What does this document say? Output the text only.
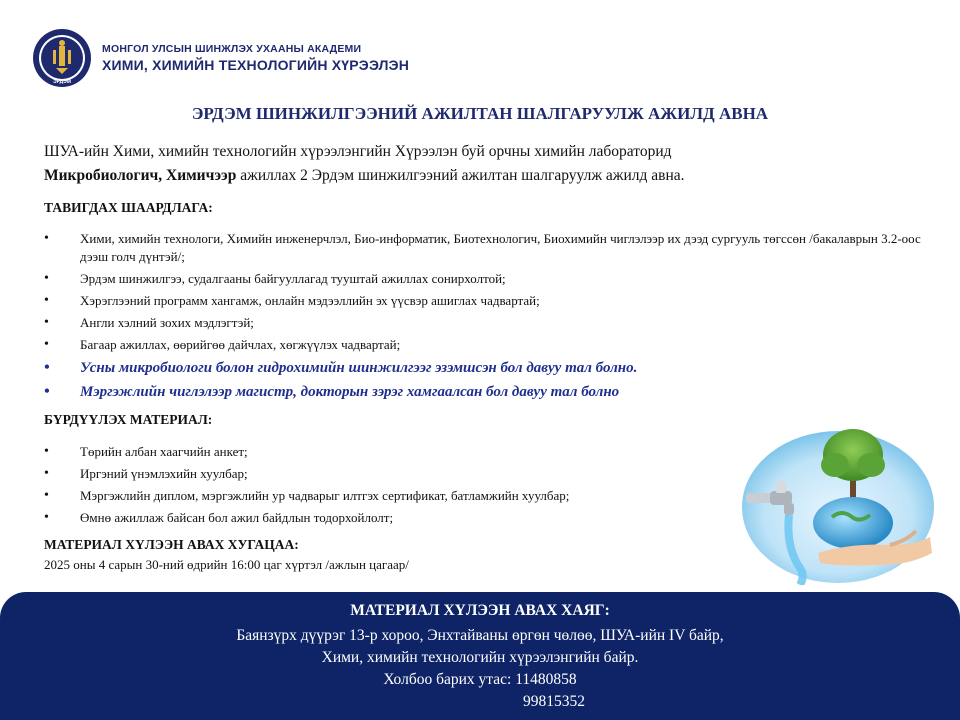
ЭРДЭМ
МОНГОЛ УЛСЫН ШИНЖЛЭХ УХААНЫ АКАДЕМИ
ХИМИ, ХИМИЙН ТЕХНОЛОГИЙН ХҮРЭЭЛЭН
ЭРДЭМ ШИНЖИЛГЭЭНИЙ АЖИЛТАН ШАЛГАРУУЛЖ АЖИЛД АВНА
ШУА-ийн Хими, химийн технологийн хүрээлэнгийн Хүрээлэн буй орчны химийн лабораторид
Микробиологич, Химичээр ажиллах 2 Эрдэм шинжилгээний ажилтан шалгаруулж ажилд авна.
ТАВИГДАХ ШААРДЛАГА:
• Хими, химийн технологи, Химийн инженерчлэл, Био-информатик, Биотехнологич, Биохимийн чиглэлээр их дээд сургууль төгссөн /бакалаврын 3.2-оос дээш голч дүнтэй/;
• Эрдэм шинжилгээ, судалгааны байгууллагад тууштай ажиллах сонирхолтой;
• Хэрэглээний программ хангамж, онлайн мэдээллийн эх үүсвэр ашиглах чадвартай;
• Англи хэлний зохих мэдлэгтэй;
• Багаар ажиллах, өөрийгөө дайчлах, хөгжүүлэх чадвартай;
• Усны микробиологи болон гидрохимийн шинжилгээг эзэмшсэн бол давуу тал болно.
• Мэргэжлийн чиглэлээр магистр, докторын зэрэг хамгаалсан бол давуу тал болно
БҮРДҮҮЛЭХ МАТЕРИАЛ:
• Төрийн албан хаагчийн анкет;
• Иргэний үнэмлэхийн хуулбар;
• Мэргэжлийн диплом, мэргэжлийн ур чадварыг илтгэх сертификат, батламжийн хуулбар;
• Өмнө ажиллаж байсан бол ажил байдлын тодорхойлолт;
МАТЕРИАЛ ХҮЛЭЭН АВАХ ХУГАЦАА:
2025 оны 4 сарын 30-ний өдрийн 16:00 цаг хүртэл /ажлын цагаар/
МАТЕРИАЛ ХҮЛЭЭН АВАХ ХАЯГ:
Баянзүрх дүүрэг 13-р хороо, Энхтайваны өргөн чөлөө, ШУА-ийн IV байр,
Хими, химийн технологийн хүрээлэнгийн байр.
Холбоо барих утас: 11480858
99815352
